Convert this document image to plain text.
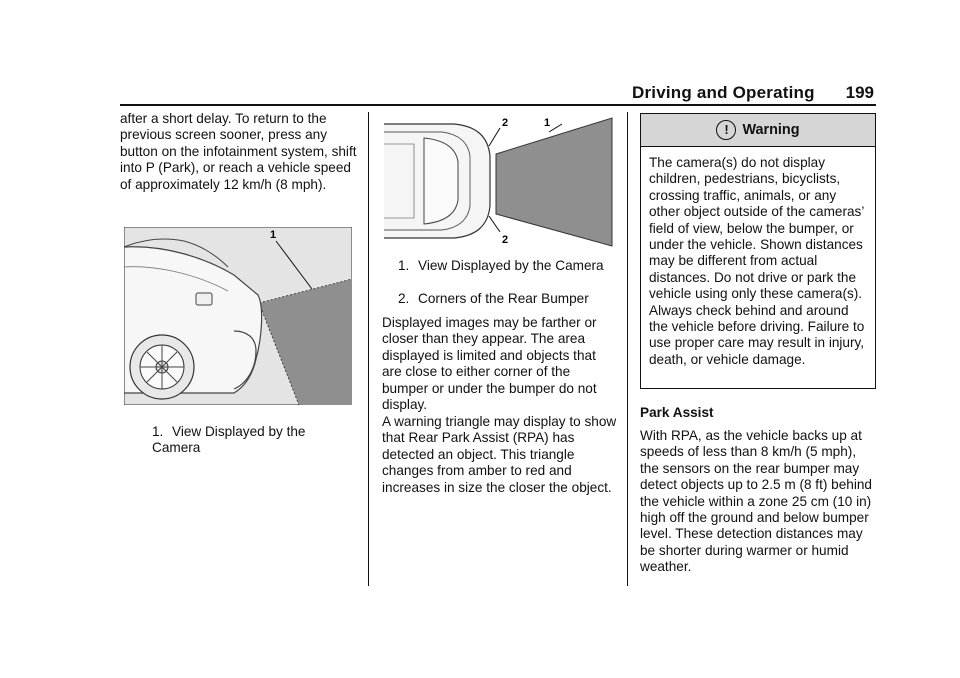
Driving and Operating 199
after a short delay. To return to the previous screen sooner, press any button on the infotainment system, shift into P (Park), or reach a vehicle speed of approximately 12 km/h (8 mph).
1
1. View Displayed by the Camera
2	1
2
1. View Displayed by the Camera
2. Corners of the Rear Bumper
Displayed images may be farther or closer than they appear. The area displayed is limited and objects that are close to either corner of the bumper or under the bumper do not display.
A warning triangle may display to show that Rear Park Assist (RPA) has detected an object. This triangle changes from amber to red and increases in size the closer the object.
! Warning
The camera(s) do not display children, pedestrians, bicyclists, crossing traffic, animals, or any other object outside of the cameras’ field of view, below the bumper, or under the vehicle. Shown distances may be different from actual distances. Do not drive or park the vehicle using only these camera(s). Always check behind and around the vehicle before driving. Failure to use proper care may result in injury, death, or vehicle damage.
Park Assist
With RPA, as the vehicle backs up at speeds of less than 8 km/h (5 mph), the sensors on the rear bumper may detect objects up to 2.5 m (8 ft) behind the vehicle within a zone 25 cm (10 in) high off the ground and below bumper level. These detection distances may be shorter during warmer or humid weather.
